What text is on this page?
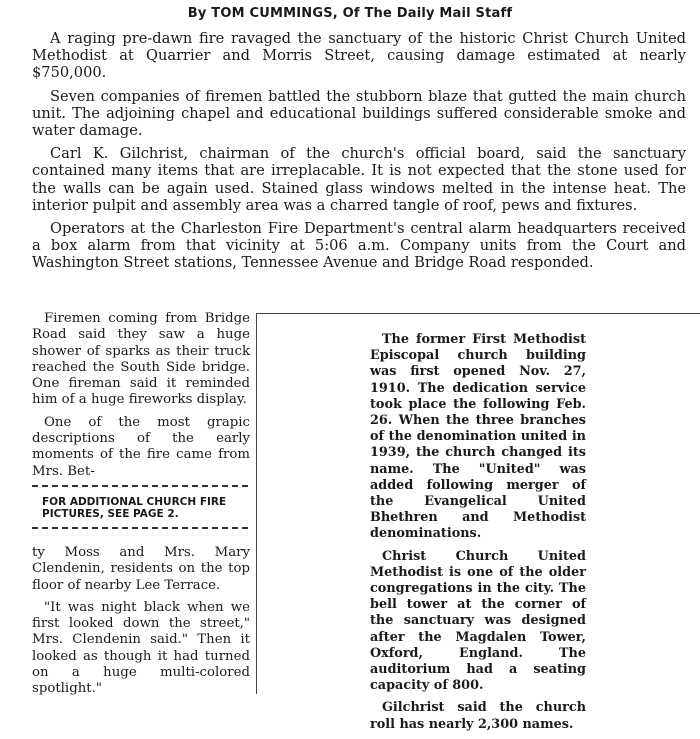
By TOM CUMMINGS, Of The Daily Mail Staff

A raging pre-dawn fire ravaged the sanctuary of the historic Christ Church United Methodist at Quarrier and Morris Street, causing damage estimated at nearly $750,000.

Seven companies of firemen battled the stubborn blaze that gutted the main church unit. The adjoining chapel and educational buildings suffered considerable smoke and water damage.

Carl K. Gilchrist, chairman of the church's official board, said the sanctuary contained many items that are irreplacable. It is not expected that the stone used for the walls can be again used. Stained glass windows melted in the intense heat. The interior pulpit and assembly area was a charred tangle of roof, pews and fixtures.

Operators at the Charleston Fire Department's central alarm headquarters received a box alarm from that vicinity at 5:06 a.m. Company units from the Court and Washington Street stations, Tennessee Avenue and Bridge Road responded.

Firemen coming from Bridge Road said they saw a huge shower of sparks as their truck reached the South Side bridge. One fireman said it reminded him of a huge fireworks display.

One of the most grapic descriptions of the early moments of the fire came from Mrs. Bet-

FOR ADDITIONAL CHURCH FIRE
PICTURES, SEE PAGE 2.

ty Moss and Mrs. Mary Clendenin, residents on the top floor of nearby Lee Terrace.

"It was night black when we first looked down the street," Mrs. Clendenin said." Then it looked as though it had turned on a huge multi-colored spotlight."

The former First Methodist Episcopal church building was first opened Nov. 27, 1910. The dedication service took place the following Feb. 26. When the three branches of the denomination united in 1939, the church changed its name. The "United" was added following merger of the Evangelical United Bhethren and Methodist denominations.

Christ Church United Methodist is one of the older congregations in the city. The bell tower at the corner of the sanctuary was designed after the Magdalen Tower, Oxford, England. The auditorium had a seating capacity of 800.

Gilchrist said the church roll has nearly 2,300 names.
